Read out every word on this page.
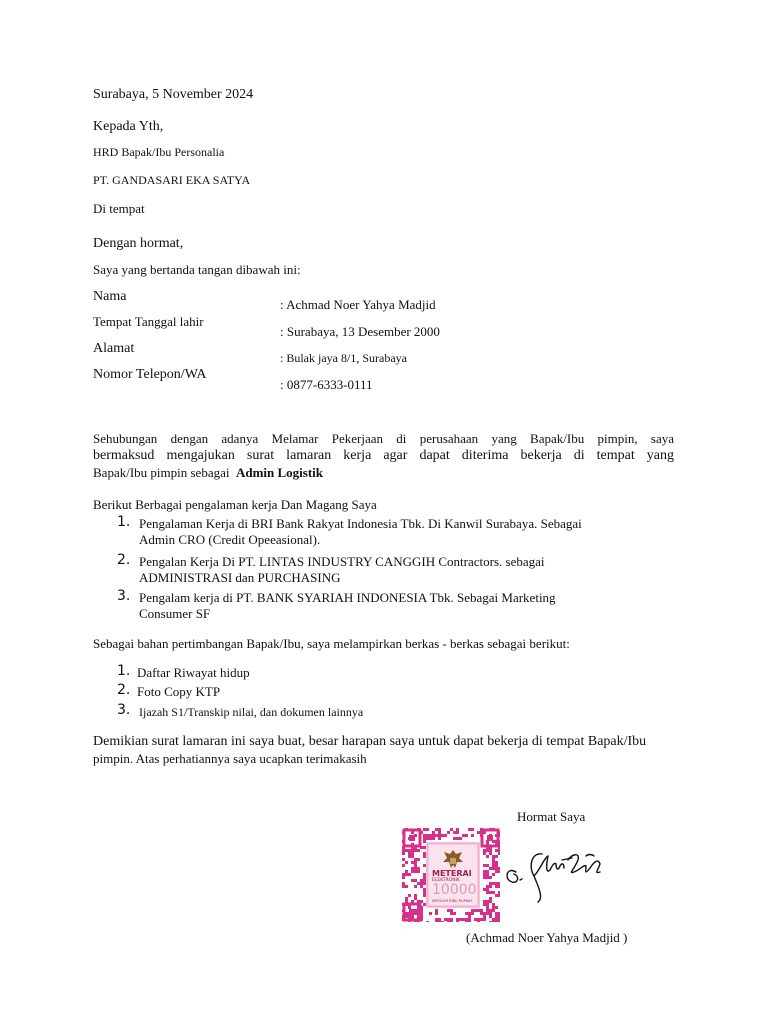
Surabaya, 5 November 2024
Kepada Yth,
HRD Bapak/Ibu Personalia
PT. GANDASARI EKA SATYA
Di tempat
Dengan hormat,
Saya yang bertanda tangan dibawah ini:
Nama
Tempat Tanggal lahir
Alamat
Nomor Telepon/WA
: Achmad Noer Yahya Madjid
: Surabaya, 13 Desember 2000
: Bulak jaya 8/1, Surabaya
: 0877-6333-0111
Sehubungan dengan adanya Melamar Pekerjaan di perusahaan yang Bapak/Ibu pimpin, saya
bermaksud mengajukan surat lamaran kerja agar dapat diterima bekerja di tempat yang
Bapak/Ibu pimpin sebagai Admin Logistik
Berikut Berbagai pengalaman kerja Dan Magang Saya
1. Pengalaman Kerja di BRI Bank Rakyat Indonesia Tbk. Di Kanwil Surabaya. Sebagai
Admin CRO (Credit Opeeasional).
2. Pengalan Kerja Di PT. LINTAS INDUSTRY CANGGIH Contractors. sebagai
ADMINISTRASI dan PURCHASING
3. Pengalam kerja di PT. BANK SYARIAH INDONESIA Tbk. Sebagai Marketing
Consumer SF
Sebagai bahan pertimbangan Bapak/Ibu, saya melampirkan berkas - berkas sebagai berikut:
1. Daftar Riwayat hidup
2. Foto Copy KTP
3. Ijazah S1/Transkip nilai, dan dokumen lainnya
Demikian surat lamaran ini saya buat, besar harapan saya untuk dapat bekerja di tempat Bapak/Ibu
pimpin. Atas perhatiannya saya ucapkan terimakasih
Hormat Saya
METERAI
ELEKTRONIK
10000
SEPULUH RIBU RUPIAH
(Achmad Noer Yahya Madjid )
